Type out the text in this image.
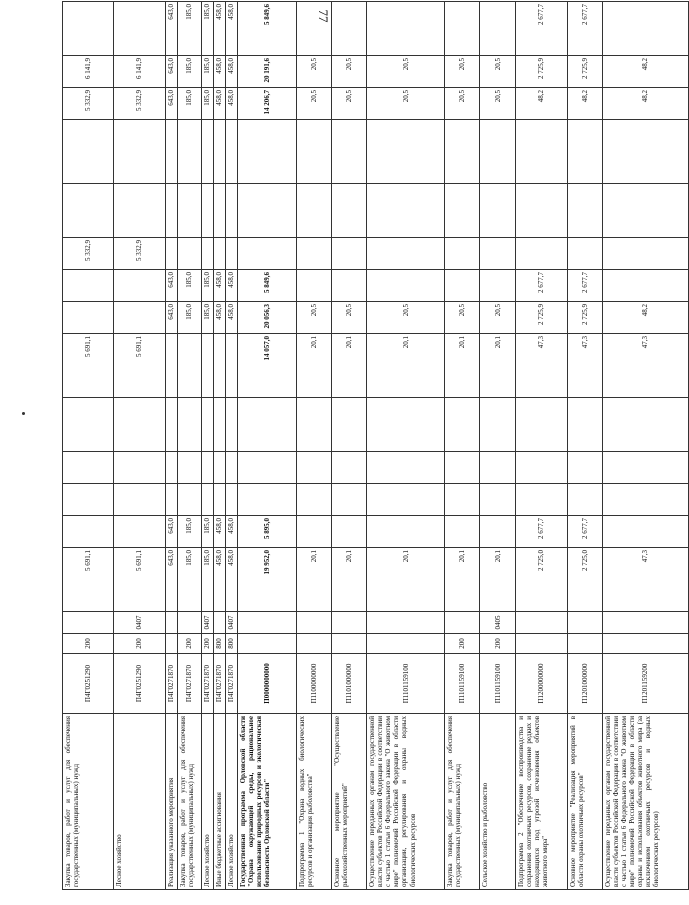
77
Закупка товаров, работ и услуг для обеспечения государственных (муниципальных) нужд	П4Г0251290	200		5 691,1					5 691,1			5 332,9			5 332,9	6 141,9			
Лесное хозяйство	П4Г0251290	200	0407	5 691,1					5 691,1			5 332,9			5 332,9	6 141,9			
Реализация указанного мероприятия	П4Г0271870			643,0	643,0					643,0	643,0				643,0	643,0	643,0		
Закупка товаров, работ и услуг для обеспечения государственных (муниципальных) нужд	П4Г0271870	200		185,0	185,0					185,0	185,0				185,0	185,0	185,0		
Лесное хозяйство	П4Г0271870	200	0407	185,0	185,0					185,0	185,0				185,0	185,0	185,0		
Иные бюджетные ассигнования	П4Г0271870	800		458,0	458,0					458,0	458,0				458,0	458,0	458,0		
Лесное хозяйство	П4Г0271870	800	0407	458,0	458,0					458,0	458,0				458,0	458,0	458,0		
Государственная программа Орловской области "Охрана окружающей среды, рациональное использование природных ресурсов и экологическая безопасность Орловской области"	П0000000000			19 952,0	5 895,0				14 057,0	20 056,3	5 849,6				14 206,7	20 191,6	5 849,6		
Подпрограмма 1 "Охрана водных биологических ресурсов и организация рыболовства"	П1100000000			20,1					20,1	20,5					20,5	20,5			
Основное мероприятие "Осуществление рыбохозяйственных мероприятий"	П1101000000			20,1					20,1	20,5					20,5	20,5			
Осуществление переданных органам государственной власти субъектов Российской Федерации в соответствии с частью 1 статьи 6 Федерального закона "О животном мире" полномочий Российской Федерации в области организации, регулирования и охраны водных биологических ресурсов	П1101159100			20,1					20,1	20,5					20,5	20,5			
Закупка товаров, работ и услуг для обеспечения государственных (муниципальных) нужд	П1101159100	200		20,1					20,1	20,5					20,5	20,5			
Сельское хозяйство и рыболовство	П1101159100	200	0405	20,1					20,1	20,5					20,5	20,5			
Подпрограмма 2 "Обеспечение воспроизводства и сохранения охотничьих ресурсов, сохранение редких и находящихся под угрозой исчезновения объектов животного мира"	П1200000000			2 725,0	2 677,7				47,3	2 725,9	2 677,7				48,2	2 725,9	2 677,7		
Основное мероприятие "Реализация мероприятий в области охраны охотничьих ресурсов"	П1201000000			2 725,0	2 677,7				47,3	2 725,9	2 677,7				48,2	2 725,9	2 677,7		
Осуществление переданных органам государственной власти субъектов Российской Федерации в соответствии с частью 1 статьи 6 Федерального закона "О животном мире" полномочий Российской Федерации в области охраны и использования объектов животного мира (за исключением охотничьих ресурсов и водных биологических ресурсов)	П1201159200			47,3					47,3	48,2					48,2	48,2			
